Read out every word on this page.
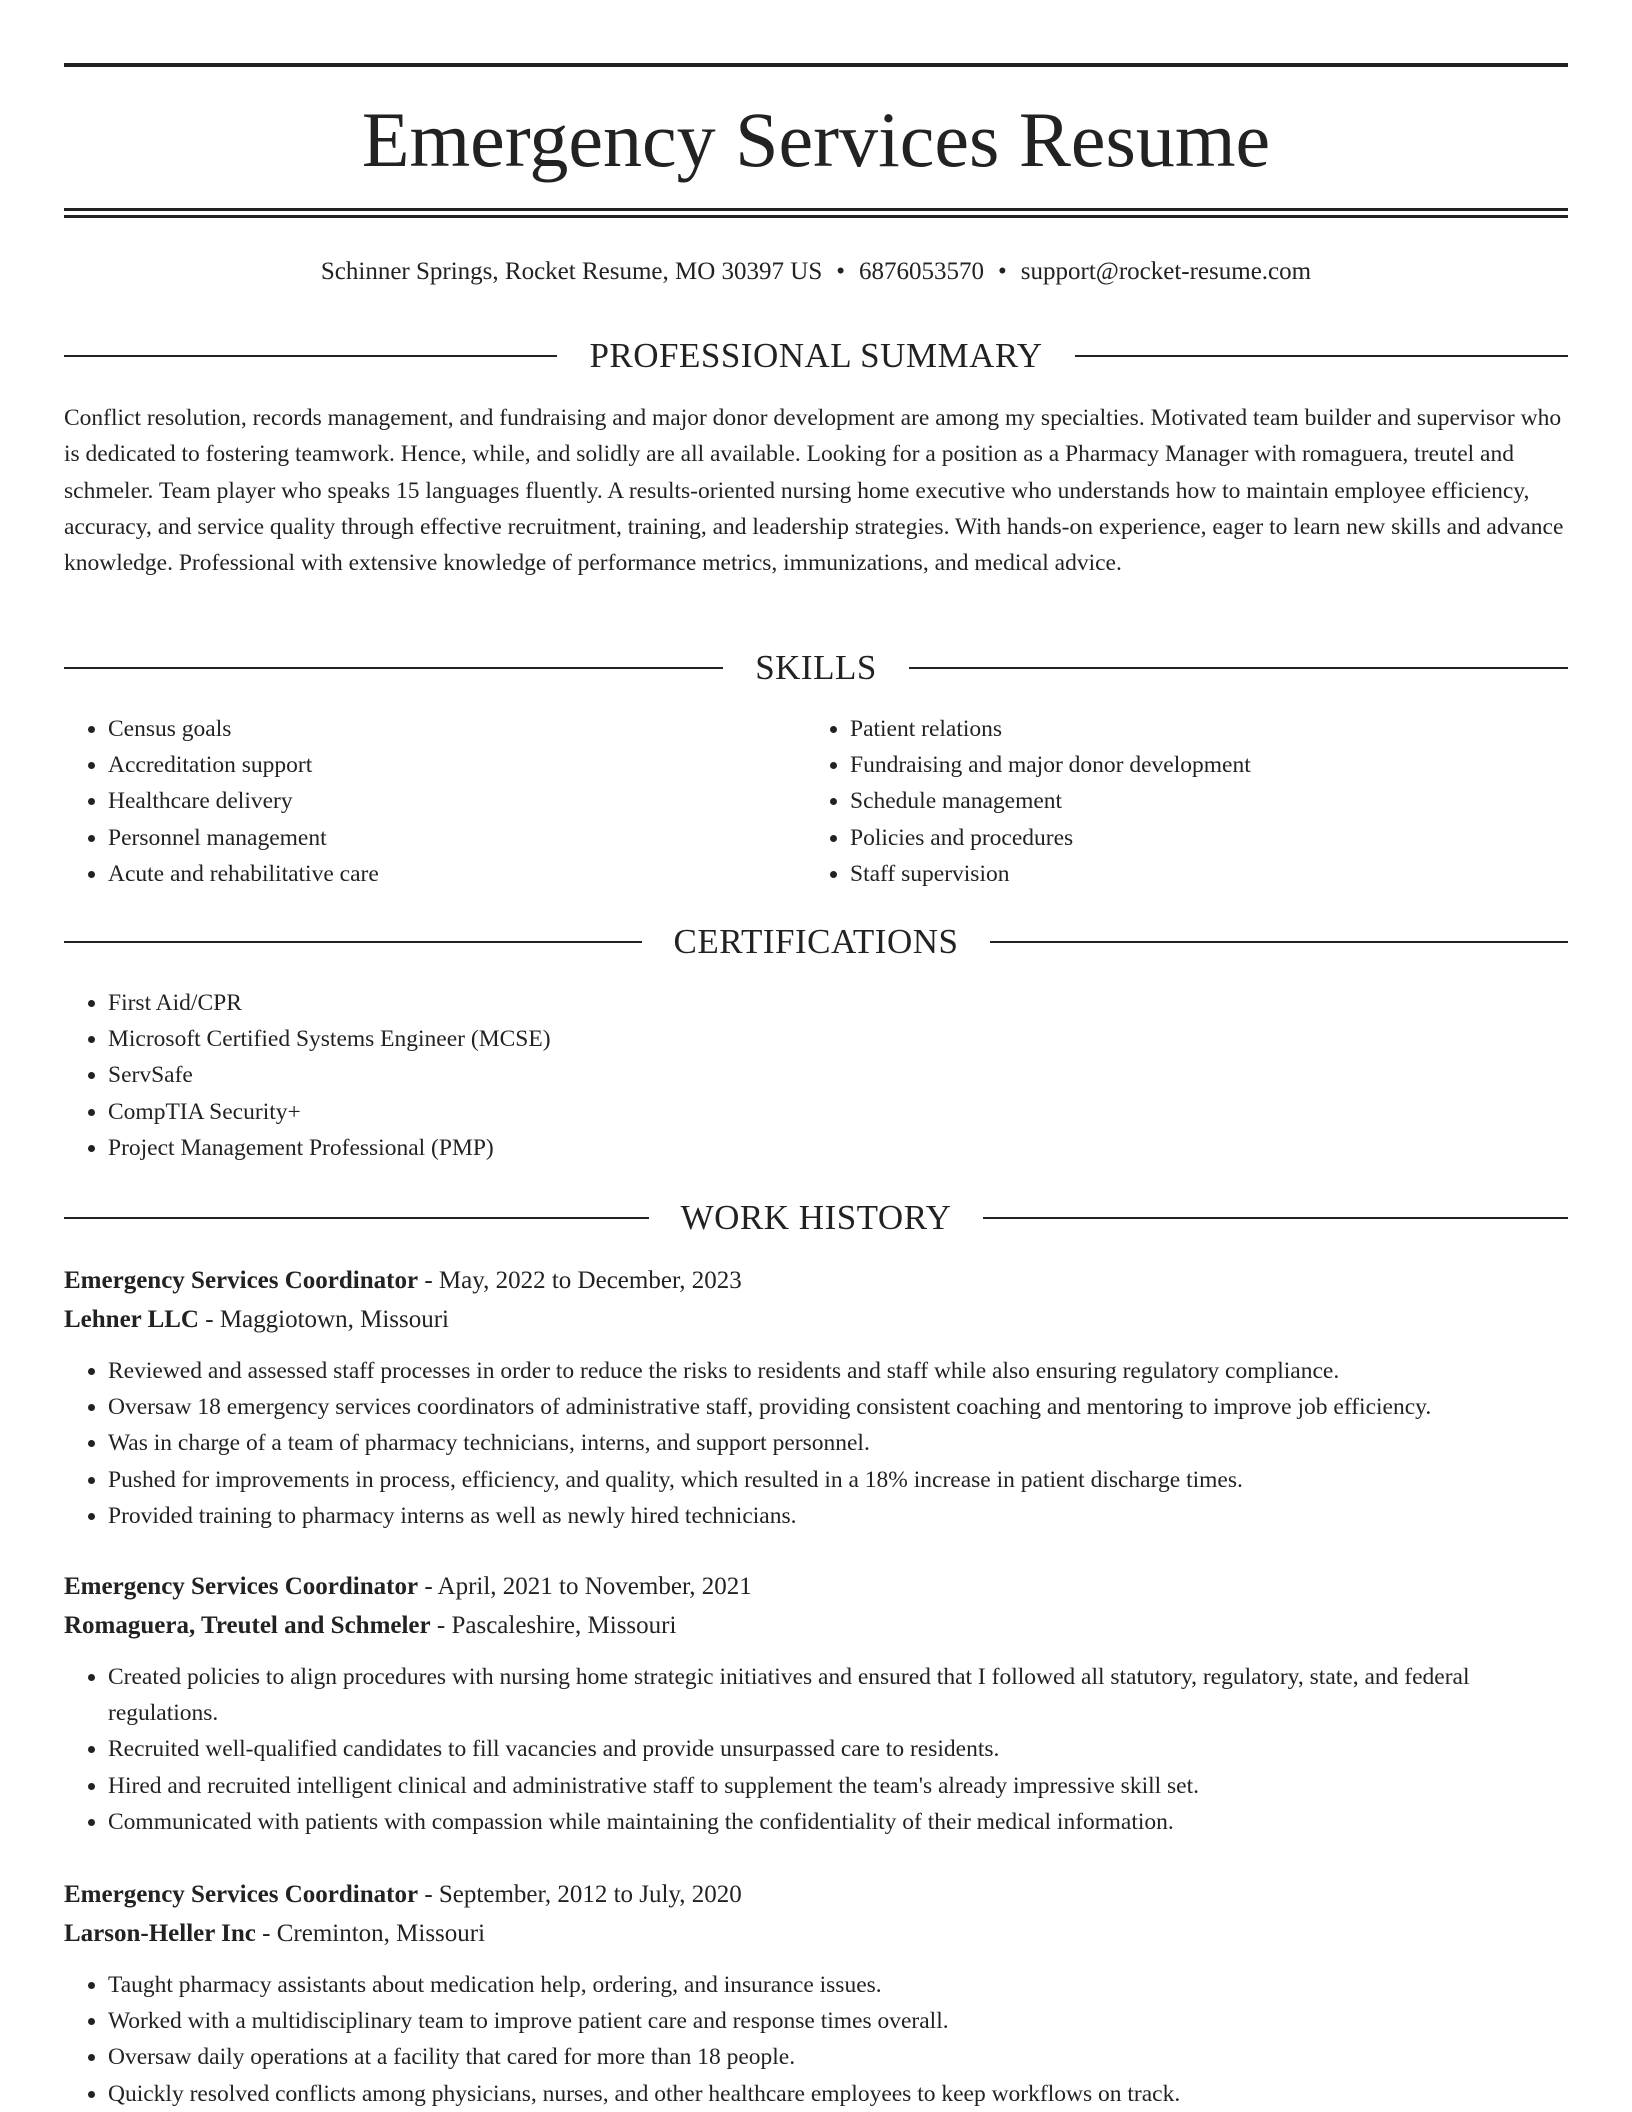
Emergency Services Resume
Schinner Springs, Rocket Resume, MO 30397 US • 6876053570 • support@rocket-resume.com
PROFESSIONAL SUMMARY

Conflict resolution, records management, and fundraising and major donor development are among my specialties. Motivated team builder and supervisor who is dedicated to fostering teamwork. Hence, while, and solidly are all available. Looking for a position as a Pharmacy Manager with romaguera, treutel and schmeler. Team player who speaks 15 languages fluently. A results-oriented nursing home executive who understands how to maintain employee efficiency, accuracy, and service quality through effective recruitment, training, and leadership strategies. With hands-on experience, eager to learn new skills and advance knowledge. Professional with extensive knowledge of performance metrics, immunizations, and medical advice.

SKILLS
• Census goals
• Accreditation support
• Healthcare delivery
• Personnel management
• Acute and rehabilitative care
• Patient relations
• Fundraising and major donor development
• Schedule management
• Policies and procedures
• Staff supervision
CERTIFICATIONS
• First Aid/CPR
• Microsoft Certified Systems Engineer (MCSE)
• ServSafe
• CompTIA Security+
• Project Management Professional (PMP)
WORK HISTORY
Emergency Services Coordinator - May, 2022 to December, 2023
Lehner LLC - Maggiotown, Missouri
• Reviewed and assessed staff processes in order to reduce the risks to residents and staff while also ensuring regulatory compliance.
• Oversaw 18 emergency services coordinators of administrative staff, providing consistent coaching and mentoring to improve job efficiency.
• Was in charge of a team of pharmacy technicians, interns, and support personnel.
• Pushed for improvements in process, efficiency, and quality, which resulted in a 18% increase in patient discharge times.
• Provided training to pharmacy interns as well as newly hired technicians.
Emergency Services Coordinator - April, 2021 to November, 2021
Romaguera, Treutel and Schmeler - Pascaleshire, Missouri
• Created policies to align procedures with nursing home strategic initiatives and ensured that I followed all statutory, regulatory, state, and federal regulations.
• Recruited well-qualified candidates to fill vacancies and provide unsurpassed care to residents.
• Hired and recruited intelligent clinical and administrative staff to supplement the team's already impressive skill set.
• Communicated with patients with compassion while maintaining the confidentiality of their medical information.
Emergency Services Coordinator - September, 2012 to July, 2020
Larson-Heller Inc - Creminton, Missouri
• Taught pharmacy assistants about medication help, ordering, and insurance issues.
• Worked with a multidisciplinary team to improve patient care and response times overall.
• Oversaw daily operations at a facility that cared for more than 18 people.
• Quickly resolved conflicts among physicians, nurses, and other healthcare employees to keep workflows on track.
